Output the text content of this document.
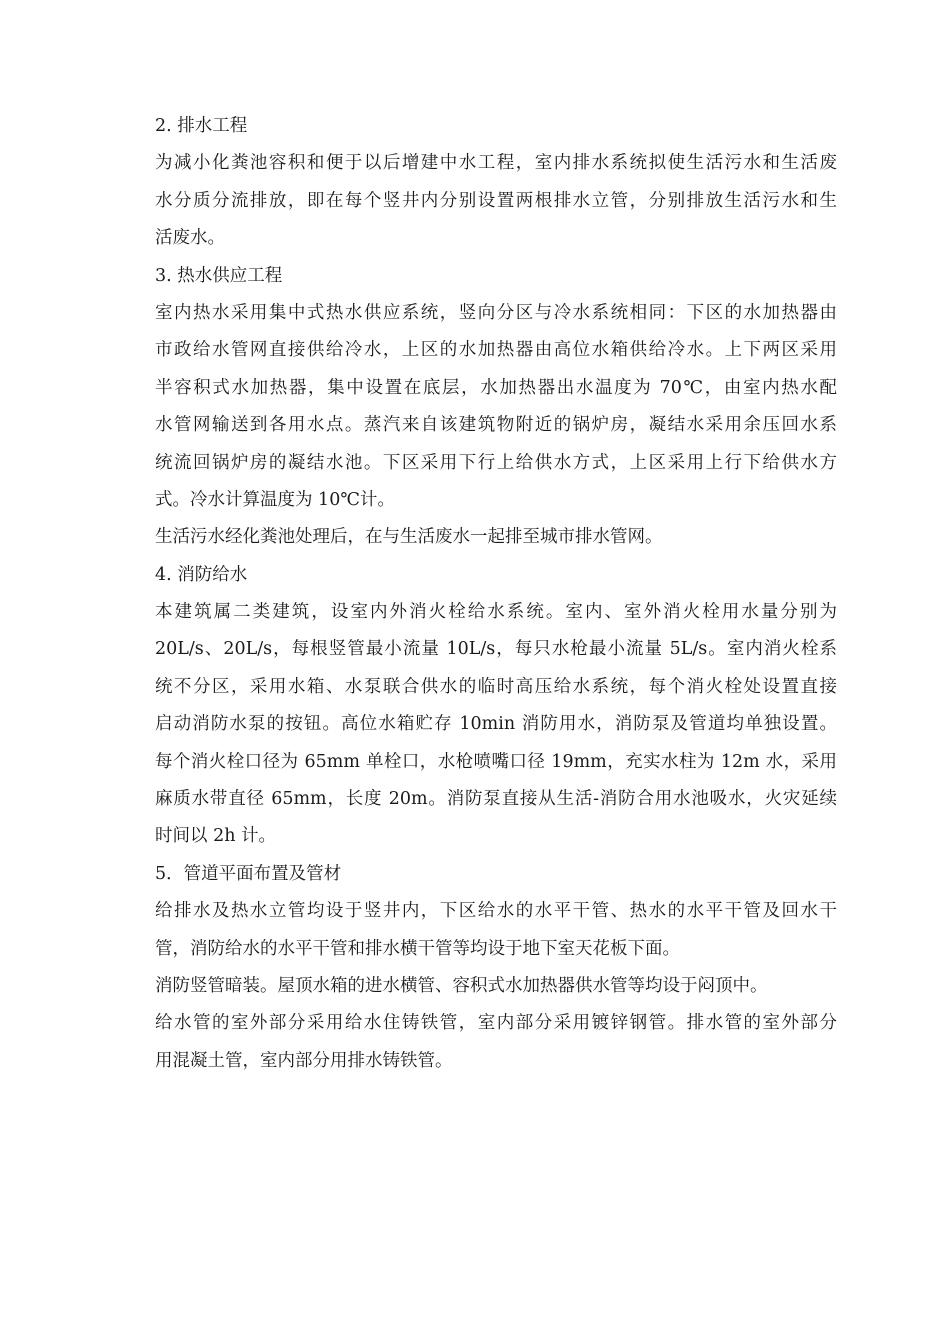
2. 排水工程
为减小化粪池容积和便于以后增建中水工程，室内排水系统拟使生活污水和生活废
水分质分流排放，即在每个竖井内分别设置两根排水立管，分别排放生活污水和生
活废水。
3. 热水供应工程
室内热水采用集中式热水供应系统，竖向分区与冷水系统相同：下区的水加热器由
市政给水管网直接供给冷水，上区的水加热器由高位水箱供给冷水。上下两区采用
半容积式水加热器，集中设置在底层，水加热器出水温度为 70℃，由室内热水配
水管网输送到各用水点。蒸汽来自该建筑物附近的锅炉房，凝结水采用余压回水系
统流回锅炉房的凝结水池。下区采用下行上给供水方式，上区采用上行下给供水方
式。冷水计算温度为 10℃计。
生活污水经化粪池处理后，在与生活废水一起排至城市排水管网。
4. 消防给水
本建筑属二类建筑，设室内外消火栓给水系统。室内、室外消火栓用水量分别为
20L/s、20L/s，每根竖管最小流量 10L/s，每只水枪最小流量 5L/s。室内消火栓系
统不分区，采用水箱、水泵联合供水的临时高压给水系统，每个消火栓处设置直接
启动消防水泵的按钮。高位水箱贮存 10min 消防用水，消防泵及管道均单独设置。
每个消火栓口径为 65mm 单栓口，水枪喷嘴口径 19mm，充实水柱为 12m 水，采用
麻质水带直径 65mm，长度 20m。消防泵直接从生活-消防合用水池吸水，火灾延续
时间以 2h 计。
5．管道平面布置及管材
给排水及热水立管均设于竖井内，下区给水的水平干管、热水的水平干管及回水干
管，消防给水的水平干管和排水横干管等均设于地下室天花板下面。
消防竖管暗装。屋顶水箱的进水横管、容积式水加热器供水管等均设于闷顶中。
给水管的室外部分采用给水住铸铁管，室内部分采用镀锌钢管。排水管的室外部分
用混凝土管，室内部分用排水铸铁管。
